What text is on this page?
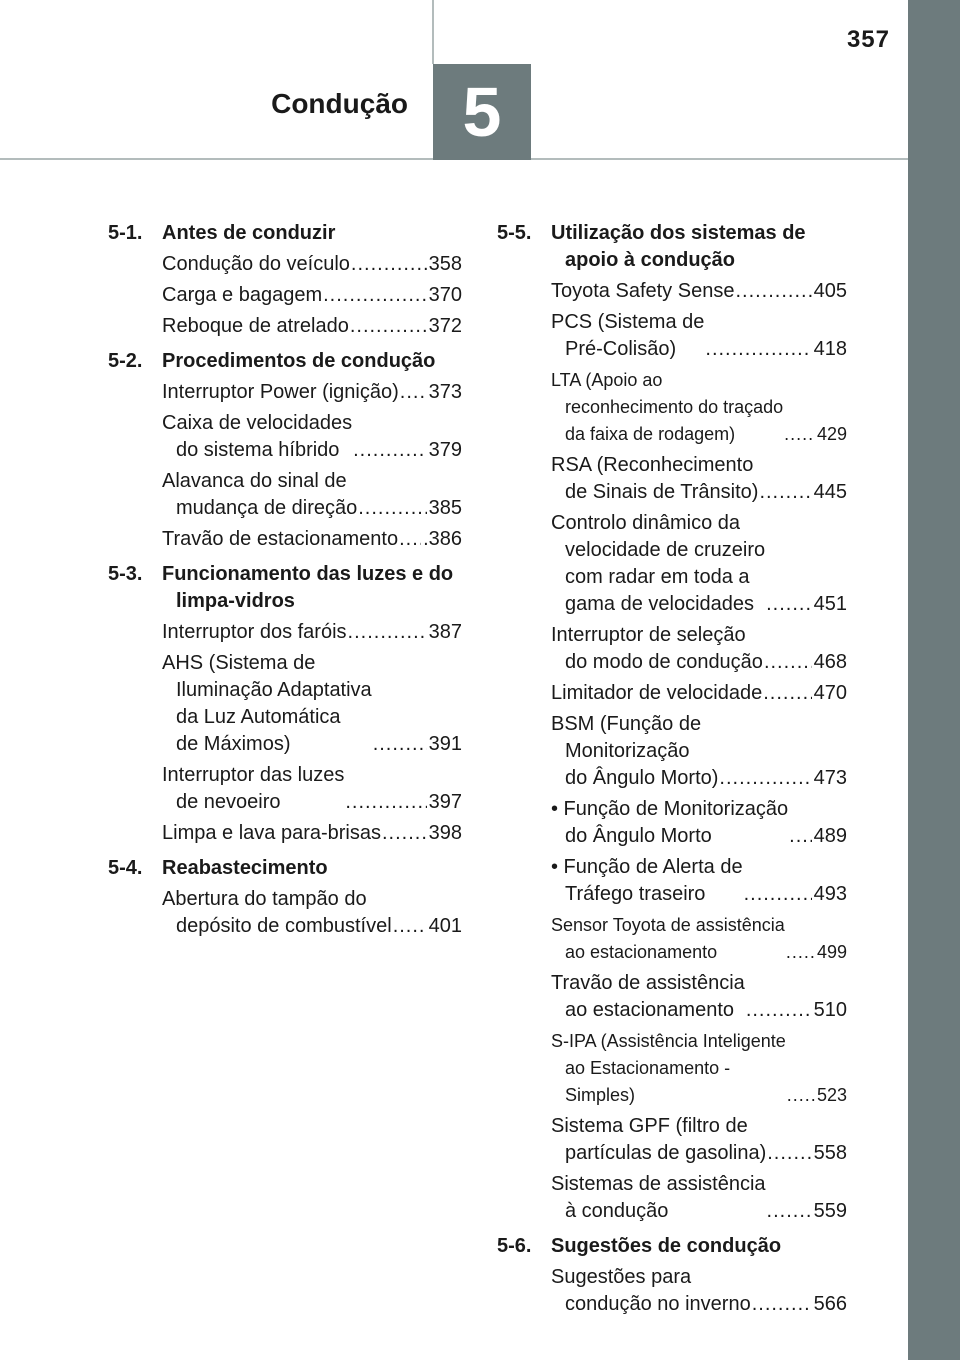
357
Condução 5
5-1. Antes de conduzir
Condução do veículo .....	358
Carga e bagagem .....	370
Reboque de atrelado .....	372
5-2. Procedimentos de condução
Interruptor Power (ignição) ..... 373
Caixa de velocidades
do sistema híbrido .....	379
Alavanca do sinal de
mudança de direção .....	385
Travão de estacionamento ..... .386
5-3. Funcionamento das luzes e do limpa-vidros
Interruptor dos faróis .....	387
AHS (Sistema de
Iluminação Adaptativa
da Luz Automática
de Máximos) .....	391
Interruptor das luzes
de nevoeiro .....	397
Limpa e lava para-brisas ..... 398
5-4. Reabastecimento
Abertura do tampão do
depósito de combustível ..... 401
5-5. Utilização dos sistemas de apoio à condução
Toyota Safety Sense .....	405
PCS (Sistema de
Pré-Colisão) .....	418
LTA (Apoio ao
reconhecimento do traçado
da faixa de rodagem) .....	429
RSA (Reconhecimento
de Sinais de Trânsito) .....	445
Controlo dinâmico da
velocidade de cruzeiro
com radar em toda a
gama de velocidades .....	451
Interruptor de seleção
do modo de condução .....	468
Limitador de velocidade .....	470
BSM (Função de
Monitorização
do Ângulo Morto) .....	473
• Função de Monitorização
do Ângulo Morto .....	489
• Função de Alerta de
Tráfego traseiro .....	493
Sensor Toyota de assistência
ao estacionamento .....	499
Travão de assistência
ao estacionamento .....	510
S-IPA (Assistência Inteligente
ao Estacionamento -
Simples) .....	523
Sistema GPF (filtro de
partículas de gasolina) ..... 558
Sistemas de assistência
à condução .....	559
5-6. Sugestões de condução
Sugestões para
condução no inverno .....	566
